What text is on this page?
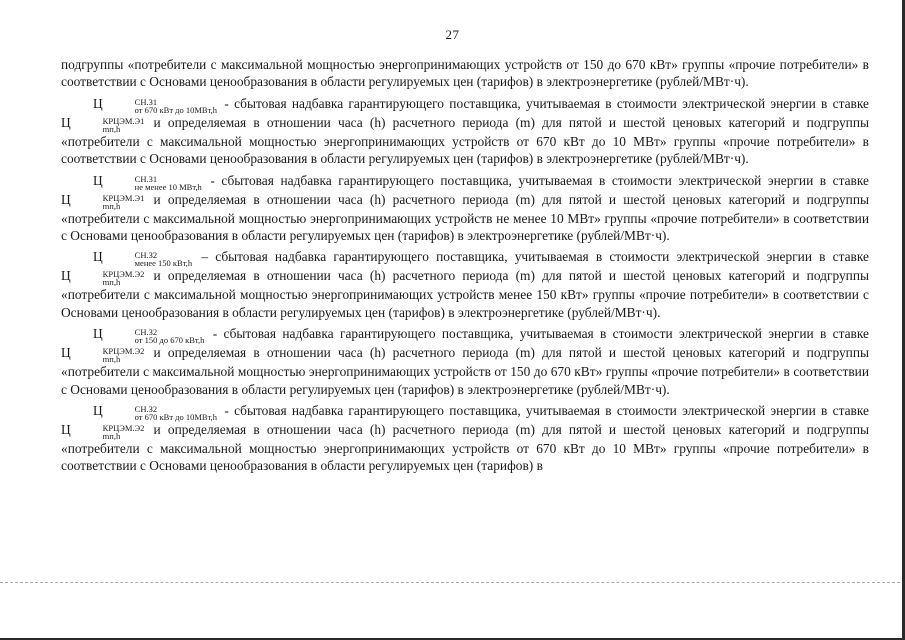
27

подгруппы «потребители с максимальной мощностью энергопринимающих устройств от 150 до 670 кВт» группы «прочие потребители» в соответствии с Основами ценообразования в области регулируемых цен (тарифов) в электроэнергетике (рублей/МВт·ч).

Ц	СН.З1
от 670 кВт до 10МВт,h - сбытовая надбавка гарантирующего поставщика, учитываемая в стоимости электрической энергии в ставке Ц	КРЦЭМ.Э1
mп,h	и определяемая в отношении часа (h) расчетного периода (m) для пятой и шестой ценовых категорий и подгруппы «потребители с максимальной мощностью энергопринимающих устройств от 670 кВт до 10 МВт» группы «прочие потребители» в соответствии с Основами ценообразования в области регулируемых цен (тарифов) в электроэнергетике (рублей/МВт·ч).

Ц	СН.З1
не менее 10 МВт,h - сбытовая надбавка гарантирующего поставщика, учитываемая в стоимости электрической энергии в ставке Ц	КРЦЭМ.Э1
mп,h	и определяемая в отношении часа (h) расчетного периода (m) для пятой и шестой ценовых категорий и подгруппы «потребители с максимальной мощностью энергопринимающих устройств не менее 10 МВт» группы «прочие потребители» в соответствии с Основами ценообразования в области регулируемых цен (тарифов) в электроэнергетике (рублей/МВт·ч).

Ц	СН.З2
менее 150 кВт,h – сбытовая надбавка гарантирующего поставщика, учитываемая в стоимости электрической энергии в ставке Ц	КРЦЭМ.Э2
mп,h	и определяемая в отношении часа (h) расчетного периода (m) для пятой и шестой ценовых категорий и подгруппы «потребители с максимальной мощностью энергопринимающих устройств менее 150 кВт» группы «прочие потребители» в соответствии с Основами ценообразования в области регулируемых цен (тарифов) в электроэнергетике (рублей/МВт·ч).

Ц	СН.З2
от 150 до 670 кВт,h - сбытовая надбавка гарантирующего поставщика, учитываемая в стоимости электрической энергии в ставке Ц	КРЦЭМ.Э2
mп,h	и определяемая в отношении часа (h) расчетного периода (m) для пятой и шестой ценовых категорий и подгруппы «потребители с максимальной мощностью энергопринимающих устройств от 150 до 670 кВт» группы «прочие потребители» в соответствии с Основами ценообразования в области регулируемых цен (тарифов) в электроэнергетике (рублей/МВт·ч).

Ц	СН.З2
от 670 кВт до 10МВт,h - сбытовая надбавка гарантирующего поставщика, учитываемая в стоимости электрической энергии в ставке Ц	КРЦЭМ.Э2
mп,h	и определяемая в отношении часа (h) расчетного периода (m) для пятой и шестой ценовых категорий и подгруппы «потребители с максимальной мощностью энергопринимающих устройств от 670 кВт до 10 МВт» группы «прочие потребители» в соответствии с Основами ценообразования в области регулируемых цен (тарифов) в
